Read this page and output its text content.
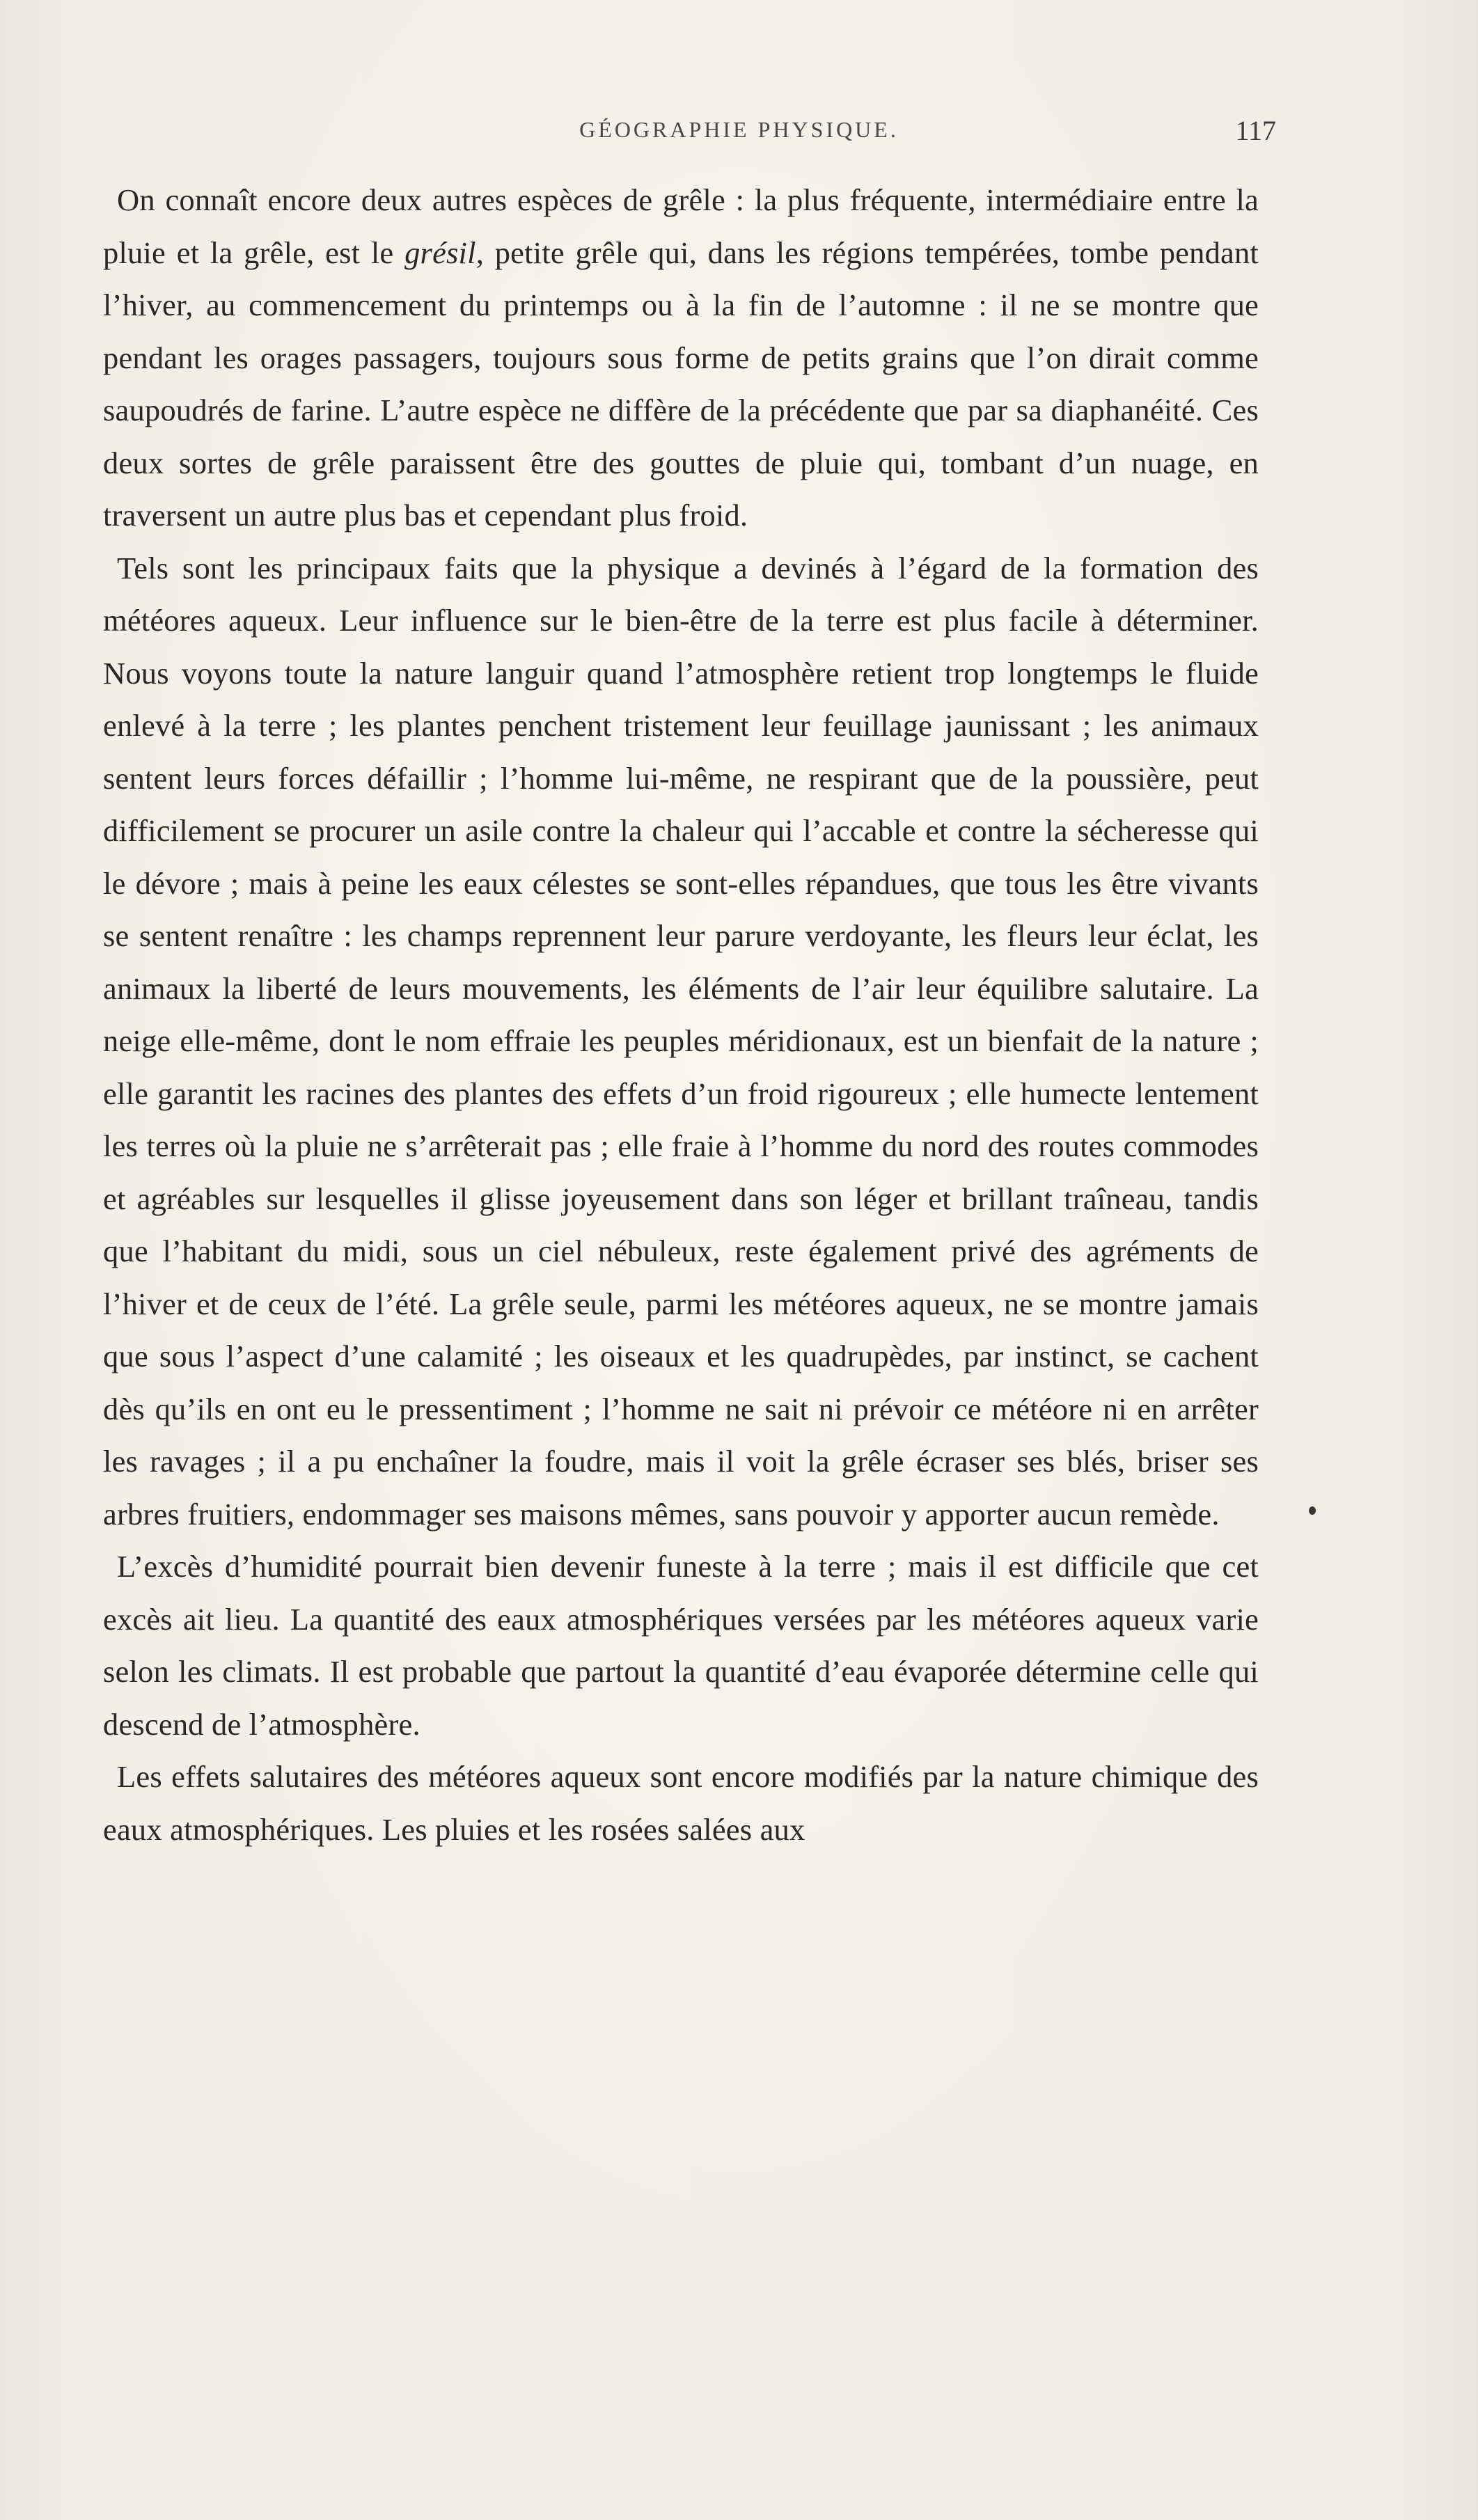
GÉOGRAPHIE PHYSIQUE.	117

On connaît encore deux autres espèces de grêle : la plus fréquente, intermédiaire entre la pluie et la grêle, est le grésil, petite grêle qui, dans les régions tempérées, tombe pendant l’hiver, au commencement du printemps ou à la fin de l’automne : il ne se montre que pendant les orages passagers, toujours sous forme de petits grains que l’on dirait comme saupoudrés de farine. L’autre espèce ne diffère de la précédente que par sa diaphanéité. Ces deux sortes de grêle paraissent être des gouttes de pluie qui, tombant d’un nuage, en traversent un autre plus bas et cependant plus froid.

Tels sont les principaux faits que la physique a devinés à l’égard de la formation des météores aqueux. Leur influence sur le bien-être de la terre est plus facile à déterminer. Nous voyons toute la nature languir quand l’atmosphère retient trop longtemps le fluide enlevé à la terre ; les plantes penchent tristement leur feuillage jaunissant ; les animaux sentent leurs forces défaillir ; l’homme lui-même, ne respirant que de la poussière, peut difficilement se procurer un asile contre la chaleur qui l’accable et contre la sécheresse qui le dévore ; mais à peine les eaux célestes se sont-elles répandues, que tous les être vivants se sentent renaître : les champs reprennent leur parure verdoyante, les fleurs leur éclat, les animaux la liberté de leurs mouvements, les éléments de l’air leur équilibre salutaire. La neige elle-même, dont le nom effraie les peuples méridionaux, est un bienfait de la nature ; elle garantit les racines des plantes des effets d’un froid rigoureux ; elle humecte lentement les terres où la pluie ne s’arrêterait pas ; elle fraie à l’homme du nord des routes commodes et agréables sur lesquelles il glisse joyeusement dans son léger et brillant traîneau, tandis que l’habitant du midi, sous un ciel nébuleux, reste également privé des agréments de l’hiver et de ceux de l’été. La grêle seule, parmi les météores aqueux, ne se montre jamais que sous l’aspect d’une calamité ; les oiseaux et les quadrupèdes, par instinct, se cachent dès qu’ils en ont eu le pressentiment ; l’homme ne sait ni prévoir ce météore ni en arrêter les ravages ; il a pu enchaîner la foudre, mais il voit la grêle écraser ses blés, briser ses arbres fruitiers, endommager ses maisons mêmes, sans pouvoir y apporter aucun remède.

L’excès d’humidité pourrait bien devenir funeste à la terre ; mais il est difficile que cet excès ait lieu. La quantité des eaux atmosphériques versées par les météores aqueux varie selon les climats. Il est probable que partout la quantité d’eau évaporée détermine celle qui descend de l’atmosphère.

Les effets salutaires des météores aqueux sont encore modifiés par la nature chimique des eaux atmosphériques. Les pluies et les rosées salées aux
